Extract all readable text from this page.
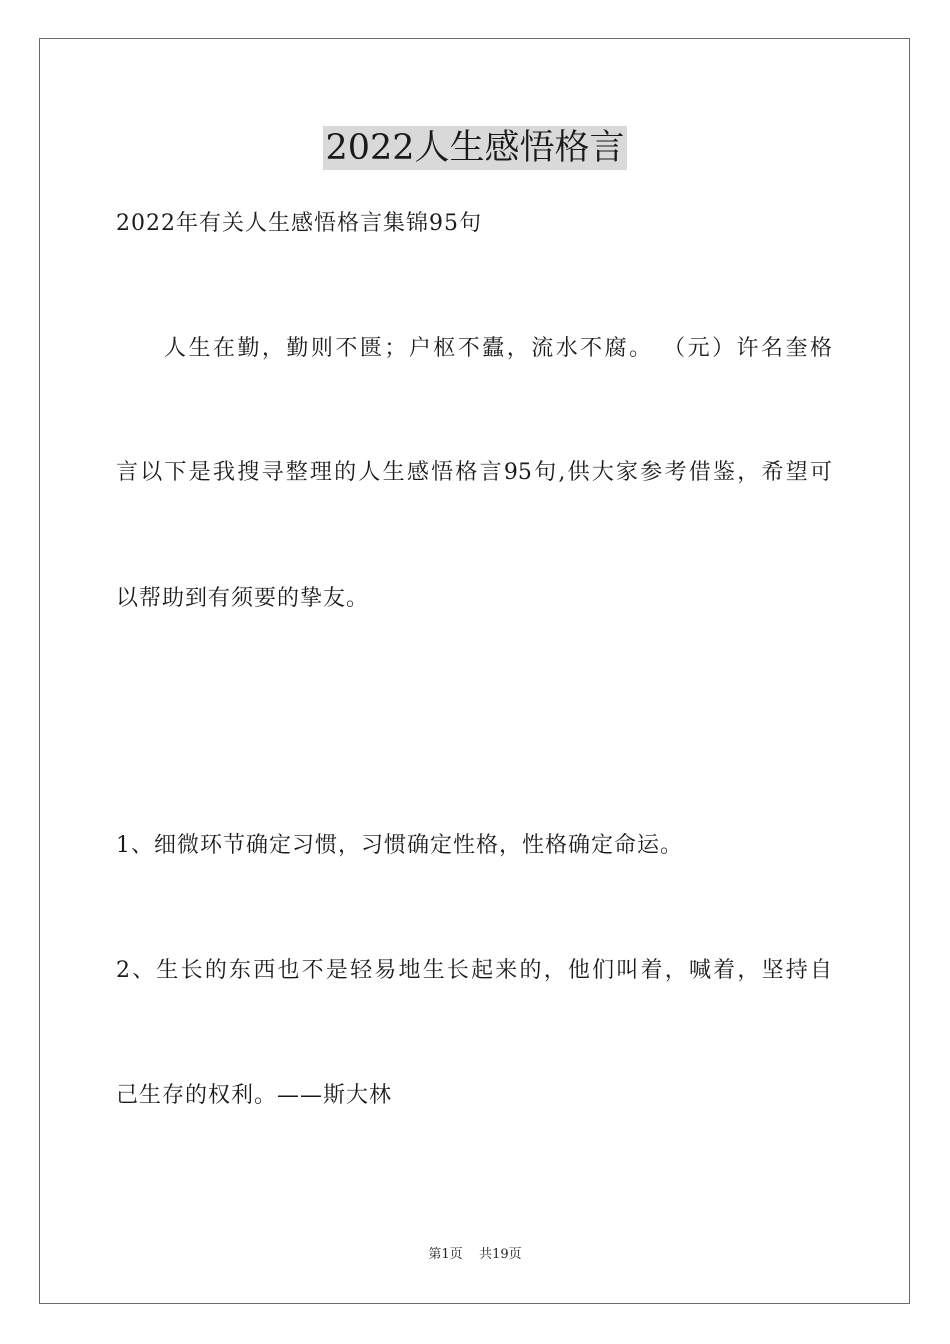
2022人生感悟格言
2022年有关人生感悟格言集锦95句
人生在勤，勤则不匮；户枢不蠹，流水不腐。 （元）许名奎格
言以下是我搜寻整理的人生感悟格言95句,供大家参考借鉴，希望可
以帮助到有须要的挚友。
1、细微环节确定习惯，习惯确定性格，性格确定命运。
2、生长的东西也不是轻易地生长起来的，他们叫着，喊着，坚持自
己生存的权利。——斯大林
第1页    共19页
